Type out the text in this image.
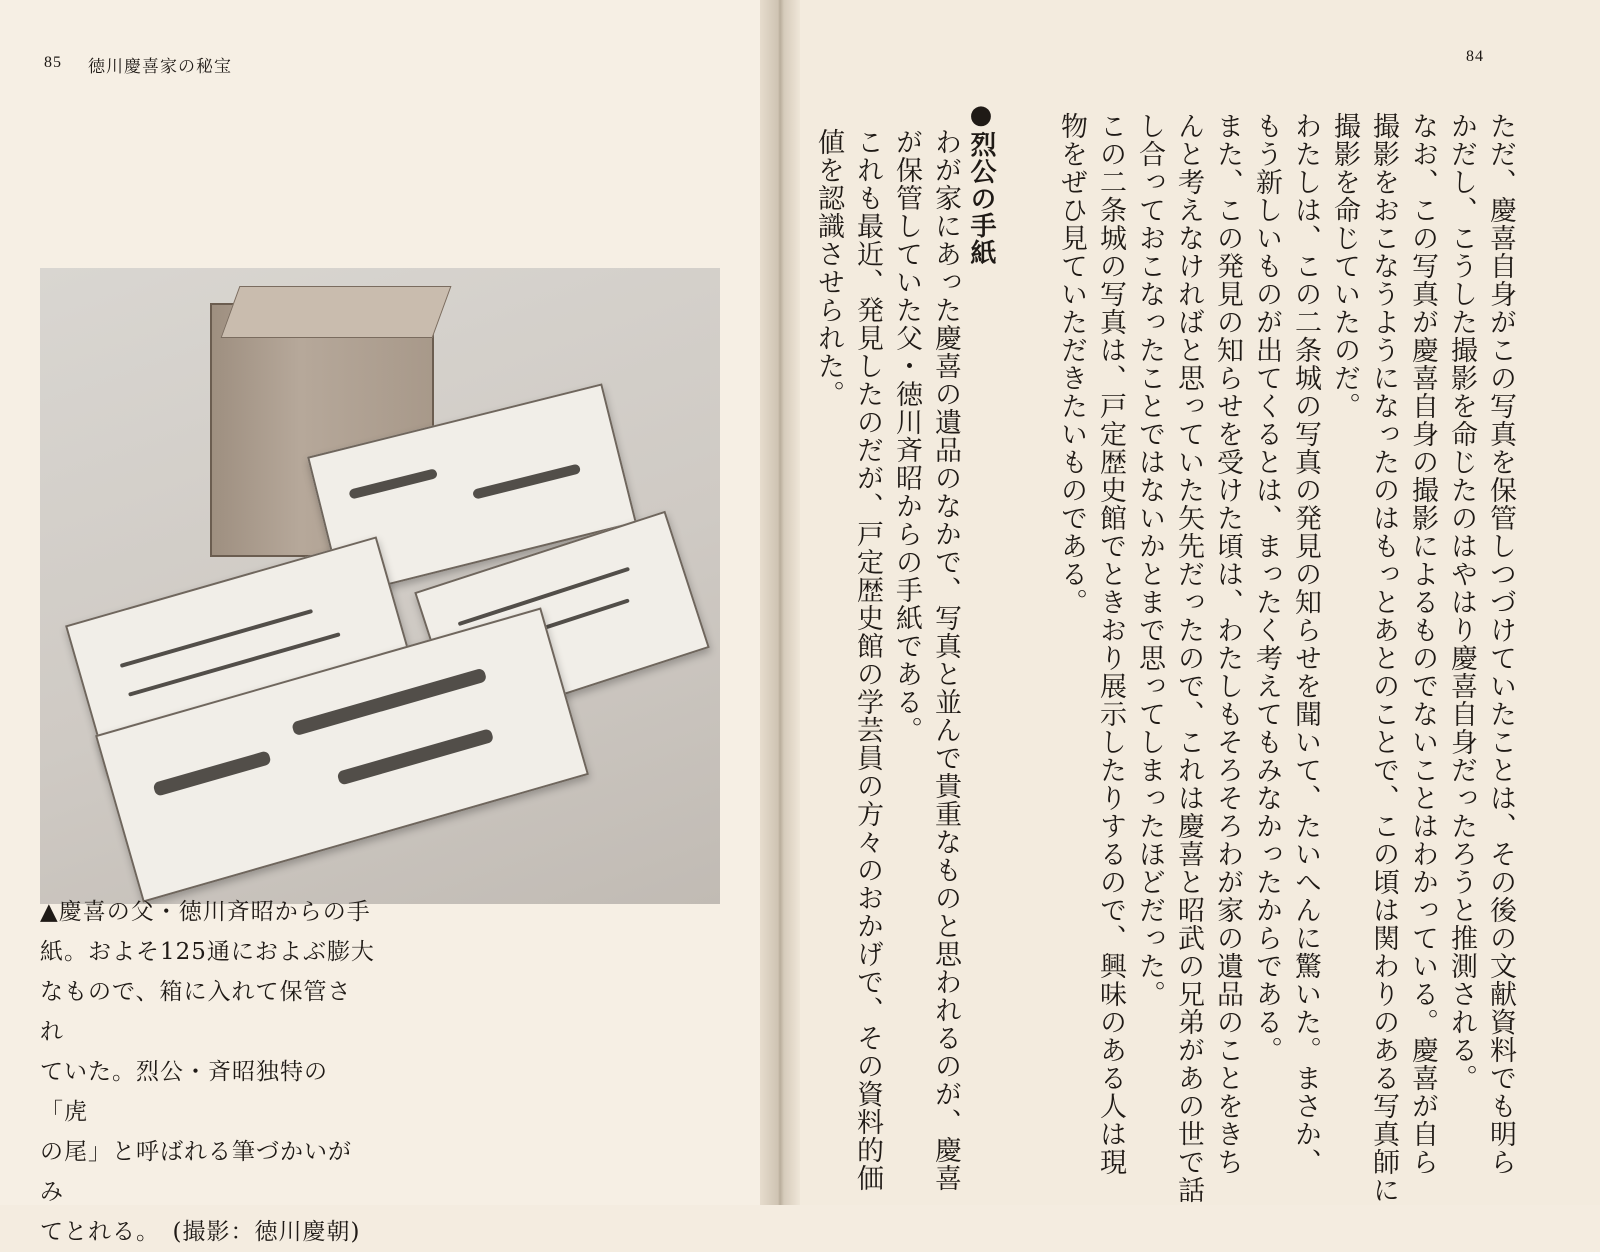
85 徳川慶喜家の秘宝
▲慶喜の父・徳川斉昭からの手
紙。およそ125通におよぶ膨大
なもので、箱に入れて保管され
ていた。烈公・斉昭独特の「虎
の尾」と呼ばれる筆づかいがみ
てとれる。　(撮影：徳川慶朝)
84
ただ、慶喜自身がこの写真を保管しつづけていたことは、その後の文献資料でも明ら
かだし、こうした撮影を命じたのはやはり慶喜自身だったろうと推測される。
なお、この写真が慶喜自身の撮影によるものでないことはわかっている。慶喜が自ら
撮影をおこなうようになったのはもっとあとのことで、この頃は関わりのある写真師に
撮影を命じていたのだ。
わたしは、この二条城の写真の発見の知らせを聞いて、たいへんに驚いた。まさか、
もう新しいものが出てくるとは、まったく考えてもみなかったからである。
また、この発見の知らせを受けた頃は、わたしもそろそろわが家の遺品のことをきち
んと考えなければと思っていた矢先だったので、これは慶喜と昭武の兄弟があの世で話
し合っておこなったことではないかとまで思ってしまったほどだった。
この二条城の写真は、戸定歴史館でときおり展示したりするので、興味のある人は現
物をぜひ見ていただきたいものである。
●烈公の手紙
わが家にあった慶喜の遺品のなかで、写真と並んで貴重なものと思われるのが、慶喜
が保管していた父・徳川斉昭からの手紙である。
これも最近、発見したのだが、戸定歴史館の学芸員の方々のおかげで、その資料的価
値を認識させられた。
